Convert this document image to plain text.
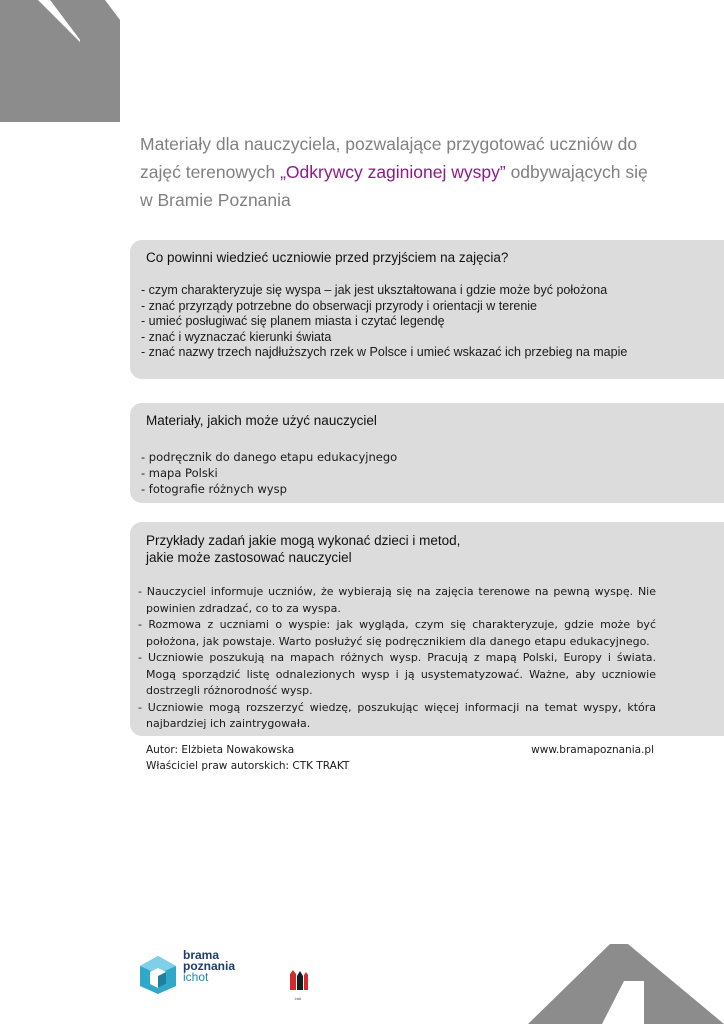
Materiały dla nauczyciela, pozwalające przygotować uczniów do zajęć terenowych „Odkrywcy zaginionej wyspy” odbywających się w Bramie Poznania
Co powinni wiedzieć uczniowie przed przyjściem na zajęcia?
- czym charakteryzuje się wyspa – jak jest ukształtowana i gdzie może być położona
- znać przyrządy potrzebne do obserwacji przyrody i orientacji w terenie
- umieć posługiwać się planem miasta i czytać legendę
- znać i wyznaczać kierunki świata
- znać nazwy trzech najdłuższych rzek w Polsce i umieć wskazać ich przebieg na mapie
Materiały, jakich może użyć nauczyciel
- podręcznik do danego etapu edukacyjnego
- mapa Polski
- fotografie różnych wysp
Przykłady zadań jakie mogą wykonać dzieci i metod,
jakie może zastosować nauczyciel
- Nauczyciel informuje uczniów, że wybierają się na zajęcia terenowe na pewną wyspę. Nie powinien zdradzać, co to za wyspa.
- Rozmowa z uczniami o wyspie: jak wygląda, czym się charakteryzuje, gdzie może być położona, jak powstaje. Warto posłużyć się podręcznikiem dla danego etapu edukacyjnego.
- Uczniowie poszukują na mapach różnych wysp. Pracują z mapą Polski, Europy i świata. Mogą sporządzić listę odnalezionych wysp i ją usystematyzować. Ważne, aby uczniowie dostrzegli różnorodność wysp.
- Uczniowie mogą rozszerzyć wiedzę, poszukując więcej informacji na temat wyspy, która najbardziej ich zaintrygowała.
Autor: Elżbieta Nowakowska
Właściciel praw autorskich: CTK TRAKT
www.bramapoznania.pl
brama
poznania
ichot
trakt
